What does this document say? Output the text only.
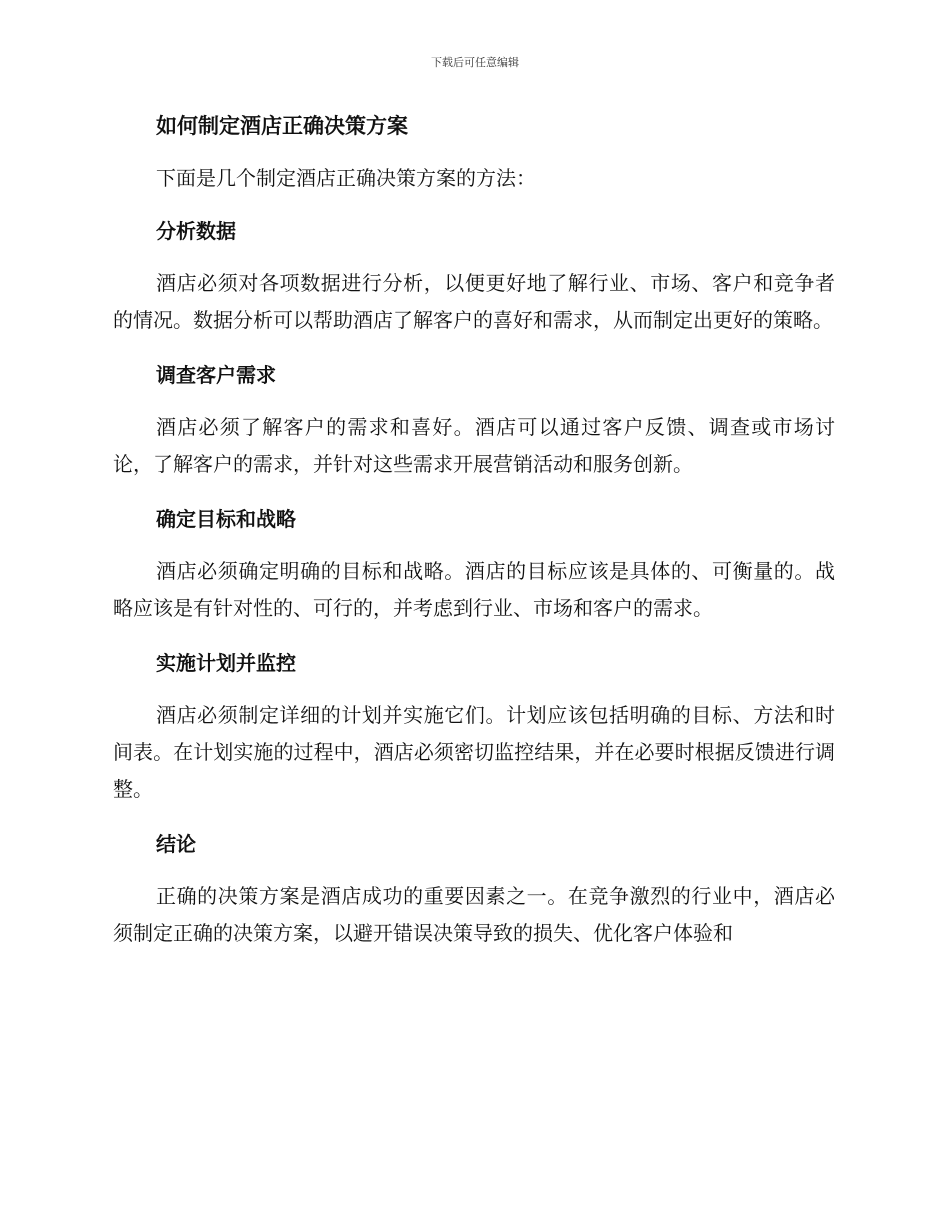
下载后可任意编辑
如何制定酒店正确决策方案

下面是几个制定酒店正确决策方案的方法：

分析数据

酒店必须对各项数据进行分析，以便更好地了解行业、市场、客户和竞争者的情况。数据分析可以帮助酒店了解客户的喜好和需求，从而制定出更好的策略。

调查客户需求

酒店必须了解客户的需求和喜好。酒店可以通过客户反馈、调查或市场讨论，了解客户的需求，并针对这些需求开展营销活动和服务创新。

确定目标和战略

酒店必须确定明确的目标和战略。酒店的目标应该是具体的、可衡量的。战略应该是有针对性的、可行的，并考虑到行业、市场和客户的需求。

实施计划并监控

酒店必须制定详细的计划并实施它们。计划应该包括明确的目标、方法和时间表。在计划实施的过程中，酒店必须密切监控结果，并在必要时根据反馈进行调整。

结论

正确的决策方案是酒店成功的重要因素之一。在竞争激烈的行业中，酒店必须制定正确的决策方案，以避开错误决策导致的损失、优化客户体验和
